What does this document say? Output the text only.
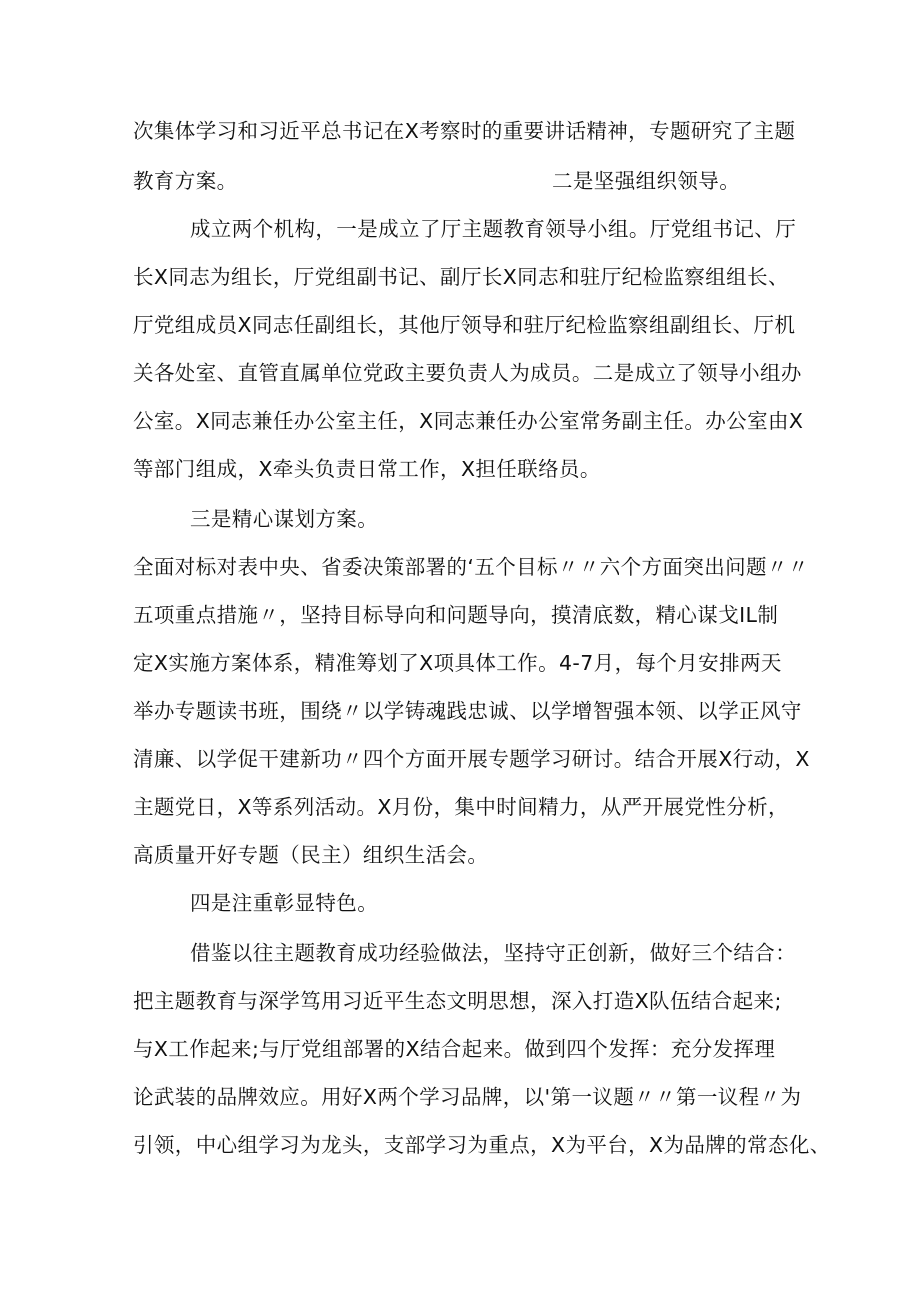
次集体学习和习近平总书记在X考察时的重要讲话精神，专题研究了主题
教育方案。	二是坚强组织领导。
成立两个机构，一是成立了厅主题教育领导小组。厅党组书记、厅
长X同志为组长，厅党组副书记、副厅长X同志和驻厅纪检监察组组长、
厅党组成员X同志任副组长，其他厅领导和驻厅纪检监察组副组长、厅机
关各处室、直管直属单位党政主要负责人为成员。二是成立了领导小组办
公室。X同志兼任办公室主任，X同志兼任办公室常务副主任。办公室由X
等部门组成，X牵头负责日常工作，X担任联络员。
三是精心谋划方案。
全面对标对表中央、省委决策部署的‘五个目标〃〃六个方面突出问题〃〃
五项重点措施〃，坚持目标导向和问题导向，摸清底数，精心谋戈IL制
定X实施方案体系，精准筹划了X项具体工作。4-7月，每个月安排两天
举办专题读书班，围绕〃以学铸魂践忠诚、以学增智强本领、以学正风守
清廉、以学促干建新功〃四个方面开展专题学习研讨。结合开展X行动，X
主题党日，X等系列活动。X月份，集中时间精力，从严开展党性分析，
高质量开好专题（民主）组织生活会。
四是注重彰显特色。
借鉴以往主题教育成功经验做法，坚持守正创新，做好三个结合：
把主题教育与深学笃用习近平生态文明思想，深入打造X队伍结合起来;
与X工作起来;与厅党组部署的X结合起来。做到四个发挥：充分发挥理
论武装的品牌效应。用好X两个学习品牌，以'第一议题〃〃第一议程〃为
引领，中心组学习为龙头，支部学习为重点，X为平台，X为品牌的常态化、
